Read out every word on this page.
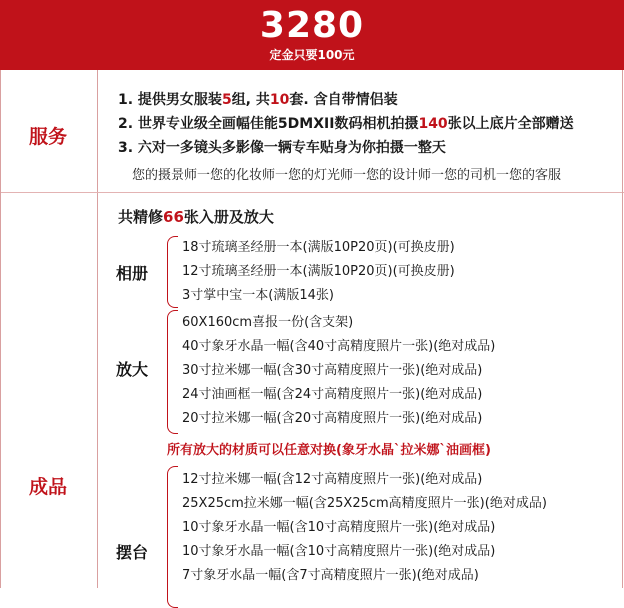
3280
定金只要100元
服务
1. 提供男女服装5组, 共10套. 含自带情侣装
2. 世界专业级全画幅佳能5DMXII数码相机拍摄140张以上底片全部赠送
3. 六对一多镜头多影像一辆专车贴身为你拍摄一整天
您的摄景师一您的化妆师一您的灯光师一您的设计师一您的司机一您的客服
成品
共精修66张入册及放大
相册
18寸琉璃圣经册一本(满版10P20页)(可换皮册)
12寸琉璃圣经册一本(满版10P20页)(可换皮册)
3寸掌中宝一本(满版14张)
放大
60X160cm喜报一份(含支架)
40寸象牙水晶一幅(含40寸高精度照片一张)(绝对成品)
30寸拉米娜一幅(含30寸高精度照片一张)(绝对成品)
24寸油画框一幅(含24寸高精度照片一张)(绝对成品)
20寸拉米娜一幅(含20寸高精度照片一张)(绝对成品)
所有放大的材质可以任意对换(象牙水晶`拉米娜`油画框)
摆台
12寸拉米娜一幅(含12寸高精度照片一张)(绝对成品)
25X25cm拉米娜一幅(含25X25cm高精度照片一张)(绝对成品)
10寸象牙水晶一幅(含10寸高精度照片一张)(绝对成品)
10寸象牙水晶一幅(含10寸高精度照片一张)(绝对成品)
7寸象牙水晶一幅(含7寸高精度照片一张)(绝对成品)
